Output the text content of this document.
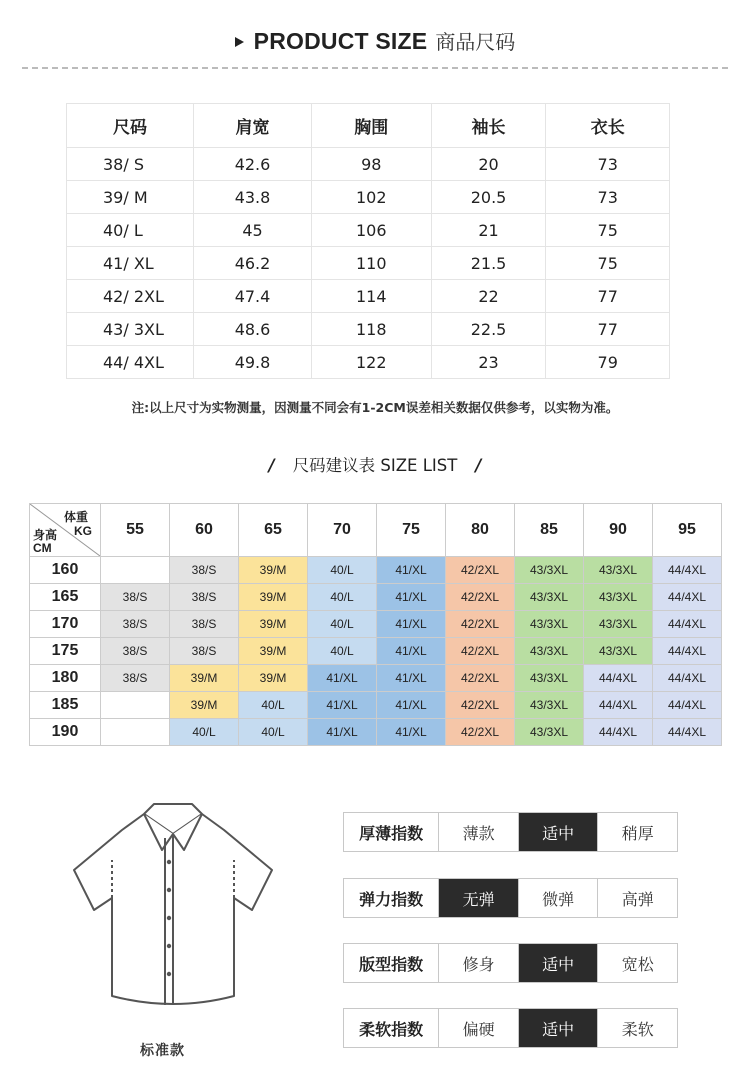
PRODUCT SIZE 商品尺码
尺码	肩宽	胸围	袖长	衣长
38/ S	42.6	98	20	73
39/ M	43.8	102	20.5	73
40/ L	45	106	21	75
41/ XL	46.2	110	21.5	75
42/ 2XL	47.4	114	22	77
43/ 3XL	48.6	118	22.5	77
44/ 4XL	49.8	122	23	79
注:以上尺寸为实物测量，因测量不同会有1-2CM误差相关数据仅供参考，以实物为准。
/ 尺码建议表 SIZE LIST /
体重
KG
身高
CM	55	60	65	70	75	80	85	90	95
160		38/S	39/M	40/L	41/XL	42/2XL	43/3XL	43/3XL	44/4XL
165	38/S	38/S	39/M	40/L	41/XL	42/2XL	43/3XL	43/3XL	44/4XL
170	38/S	38/S	39/M	40/L	41/XL	42/2XL	43/3XL	43/3XL	44/4XL
175	38/S	38/S	39/M	40/L	41/XL	42/2XL	43/3XL	43/3XL	44/4XL
180	38/S	39/M	39/M	41/XL	41/XL	42/2XL	43/3XL	44/4XL	44/4XL
185		39/M	40/L	41/XL	41/XL	42/2XL	43/3XL	44/4XL	44/4XL
190		40/L	40/L	41/XL	41/XL	42/2XL	43/3XL	44/4XL	44/4XL
标准款
厚薄指数	薄款	适中	稍厚
弹力指数	无弹	微弹	高弹
版型指数	修身	适中	宽松
柔软指数	偏硬	适中	柔软
